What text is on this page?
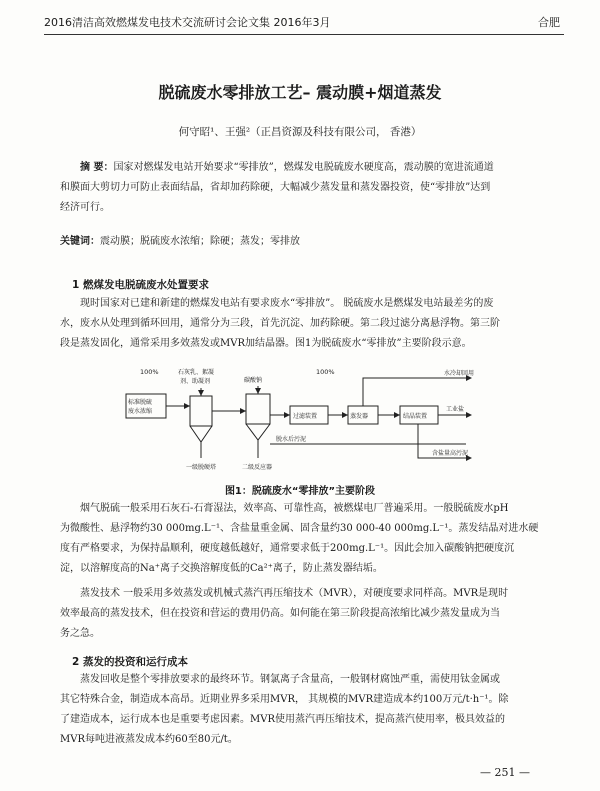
2016清洁高效燃煤发电技术交流研讨会论文集 2016年3月	合肥
脱硫废水零排放工艺– 震动膜+烟道蒸发
何守昭¹、王强²（正昌资源及科技有限公司， 香港）
摘 要：国家对燃煤发电站开始要求“零排放”，燃煤发电脱硫废水硬度高，震动膜的宽进流通道
和膜面大剪切力可防止表面结晶，省却加药除硬，大幅减少蒸发量和蒸发器投资，使“零排放”达到
经济可行。
关键词：震动膜；脱硫废水浓缩；除硬；蒸发；零排放
1 燃煤发电脱硫废水处置要求
现时国家对已建和新建的燃煤发电站有要求废水“零排放”。 脱硫废水是燃煤发电站最差劣的废
水，废水从处理到循环回用，通常分为三段，首先沉淀、加药除硬。第二段过滤分离悬浮物。第三阶
段是蒸发固化，通常采用多效蒸发或MVR加结晶器。图1为脱硫废水“零排放”主要阶段示意。
石灰乳、絮凝
剂、助凝剂	碳酸钠
100%	100%
标准脱硫
废水浓缩
过滤装置	蒸发器	结晶装置
水冷却回用
工业盐
含盐量高污泥
脱水后污泥
一级脱硬塔	二级反应器
图1：脱硫废水“零排放”主要阶段
烟气脱硫一般采用石灰石-石膏湿法，效率高、可靠性高，被燃煤电厂普遍采用。一般脱硫废水pH
为微酸性、悬浮物约30 000mg.L⁻¹、含盐量重金属、固含量约30 000-40 000mg.L⁻¹。蒸发结晶对进水硬
度有严格要求，为保持晶顺利，硬度越低越好，通常要求低于200mg.L⁻¹。因此会加入碳酸钠把硬度沉
淀，以溶解度高的Na⁺离子交换溶解度低的Ca²⁺离子，防止蒸发器结垢。
蒸发技术 一般采用多效蒸发或机械式蒸汽再压缩技术（MVR），对硬度要求同样高。MVR是现时
效率最高的蒸发技术，但在投资和营运的费用仍高。如何能在第三阶段提高浓缩比减少蒸发量成为当
务之急。
2 蒸发的投资和运行成本
蒸发回收是整个零排放要求的最终环节。钢氯离子含量高，一般钢材腐蚀严重，需使用钛金属或
其它特殊合金，制造成本高昂。近期业界多采用MVR， 其规模的MVR建造成本约100万元/t·h⁻¹。除
了建造成本，运行成本也是重要考虑因素。MVR使用蒸汽再压缩技术，提高蒸汽使用率，极具效益的
MVR每吨进液蒸发成本约60至80元/t。
— 251 —
